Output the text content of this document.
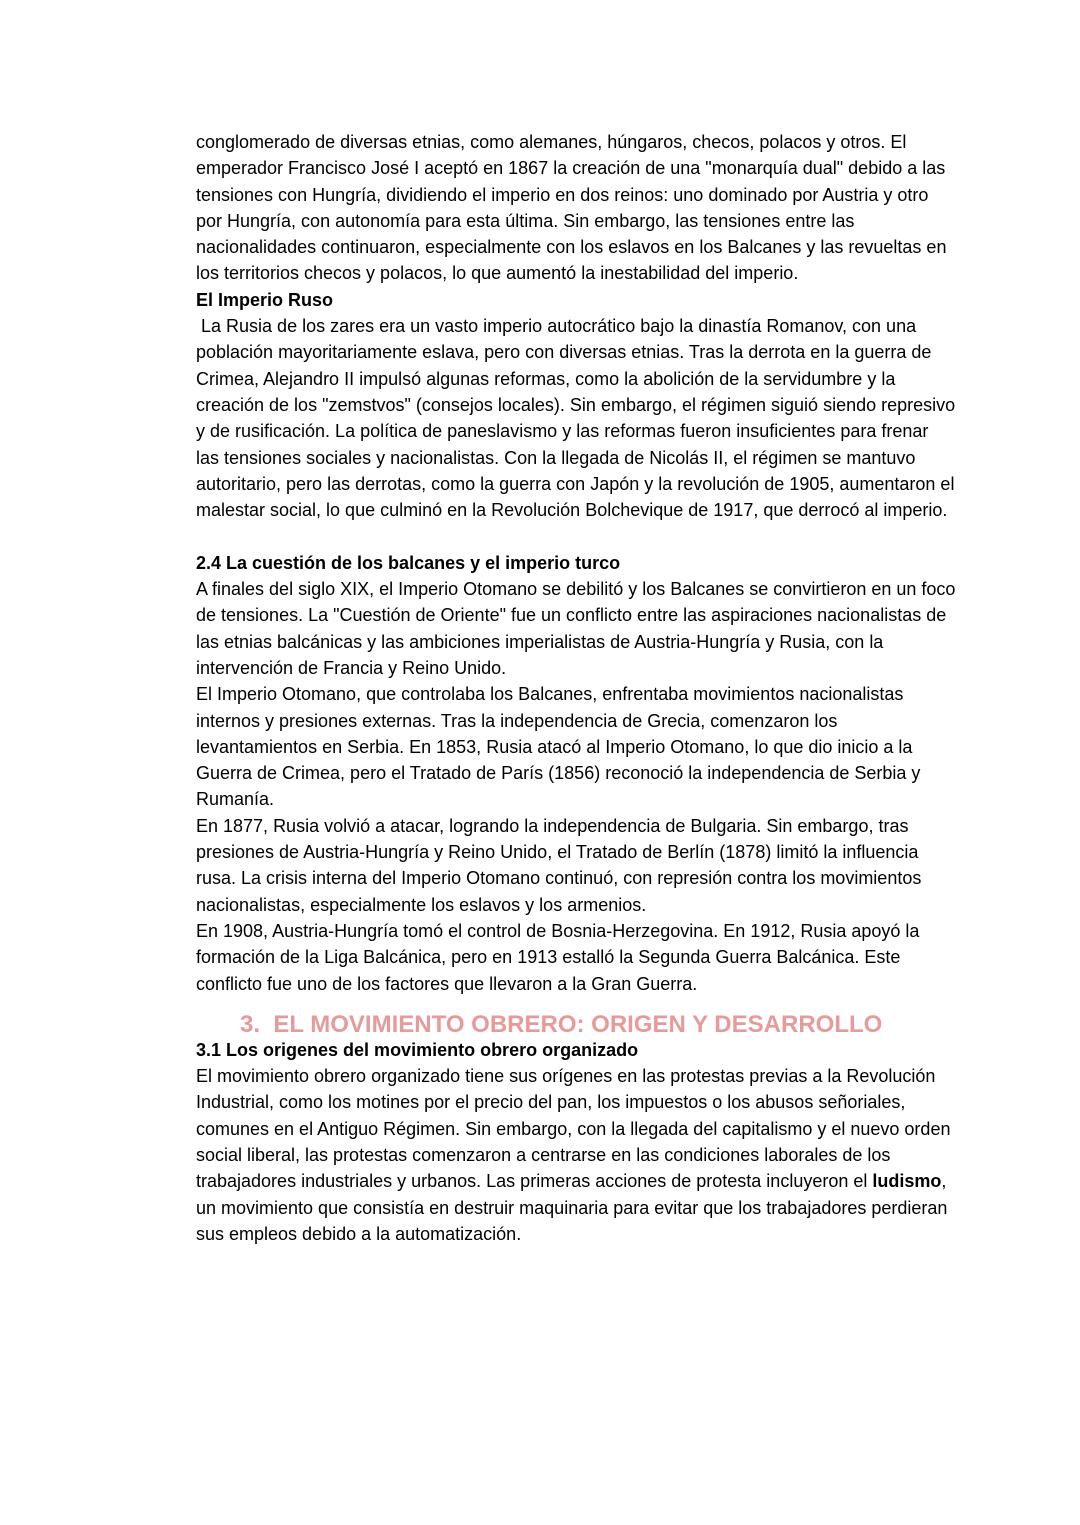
conglomerado de diversas etnias, como alemanes, húngaros, checos, polacos y otros. El emperador Francisco José I aceptó en 1867 la creación de una "monarquía dual" debido a las tensiones con Hungría, dividiendo el imperio en dos reinos: uno dominado por Austria y otro por Hungría, con autonomía para esta última. Sin embargo, las tensiones entre las nacionalidades continuaron, especialmente con los eslavos en los Balcanes y las revueltas en los territorios checos y polacos, lo que aumentó la inestabilidad del imperio.

El Imperio Ruso

La Rusia de los zares era un vasto imperio autocrático bajo la dinastía Romanov, con una población mayoritariamente eslava, pero con diversas etnias. Tras la derrota en la guerra de Crimea, Alejandro II impulsó algunas reformas, como la abolición de la servidumbre y la creación de los "zemstvos" (consejos locales). Sin embargo, el régimen siguió siendo represivo y de rusificación. La política de paneslavismo y las reformas fueron insuficientes para frenar las tensiones sociales y nacionalistas. Con la llegada de Nicolás II, el régimen se mantuvo autoritario, pero las derrotas, como la guerra con Japón y la revolución de 1905, aumentaron el malestar social, lo que culminó en la Revolución Bolchevique de 1917, que derrocó al imperio.

2.4 La cuestión de los balcanes y el imperio turco

A finales del siglo XIX, el Imperio Otomano se debilitó y los Balcanes se convirtieron en un foco de tensiones. La "Cuestión de Oriente" fue un conflicto entre las aspiraciones nacionalistas de las etnias balcánicas y las ambiciones imperialistas de Austria-Hungría y Rusia, con la intervención de Francia y Reino Unido.

El Imperio Otomano, que controlaba los Balcanes, enfrentaba movimientos nacionalistas internos y presiones externas. Tras la independencia de Grecia, comenzaron los levantamientos en Serbia. En 1853, Rusia atacó al Imperio Otomano, lo que dio inicio a la Guerra de Crimea, pero el Tratado de París (1856) reconoció la independencia de Serbia y Rumanía.

En 1877, Rusia volvió a atacar, logrando la independencia de Bulgaria. Sin embargo, tras presiones de Austria-Hungría y Reino Unido, el Tratado de Berlín (1878) limitó la influencia rusa. La crisis interna del Imperio Otomano continuó, con represión contra los movimientos nacionalistas, especialmente los eslavos y los armenios.

En 1908, Austria-Hungría tomó el control de Bosnia-Herzegovina. En 1912, Rusia apoyó la formación de la Liga Balcánica, pero en 1913 estalló la Segunda Guerra Balcánica. Este conflicto fue uno de los factores que llevaron a la Gran Guerra.

3.  EL MOVIMIENTO OBRERO: ORIGEN Y DESARROLLO

3.1 Los origenes del movimiento obrero organizado

El movimiento obrero organizado tiene sus orígenes en las protestas previas a la Revolución Industrial, como los motines por el precio del pan, los impuestos o los abusos señoriales, comunes en el Antiguo Régimen. Sin embargo, con la llegada del capitalismo y el nuevo orden social liberal, las protestas comenzaron a centrarse en las condiciones laborales de los trabajadores industriales y urbanos. Las primeras acciones de protesta incluyeron el ludismo, un movimiento que consistía en destruir maquinaria para evitar que los trabajadores perdieran sus empleos debido a la automatización.
